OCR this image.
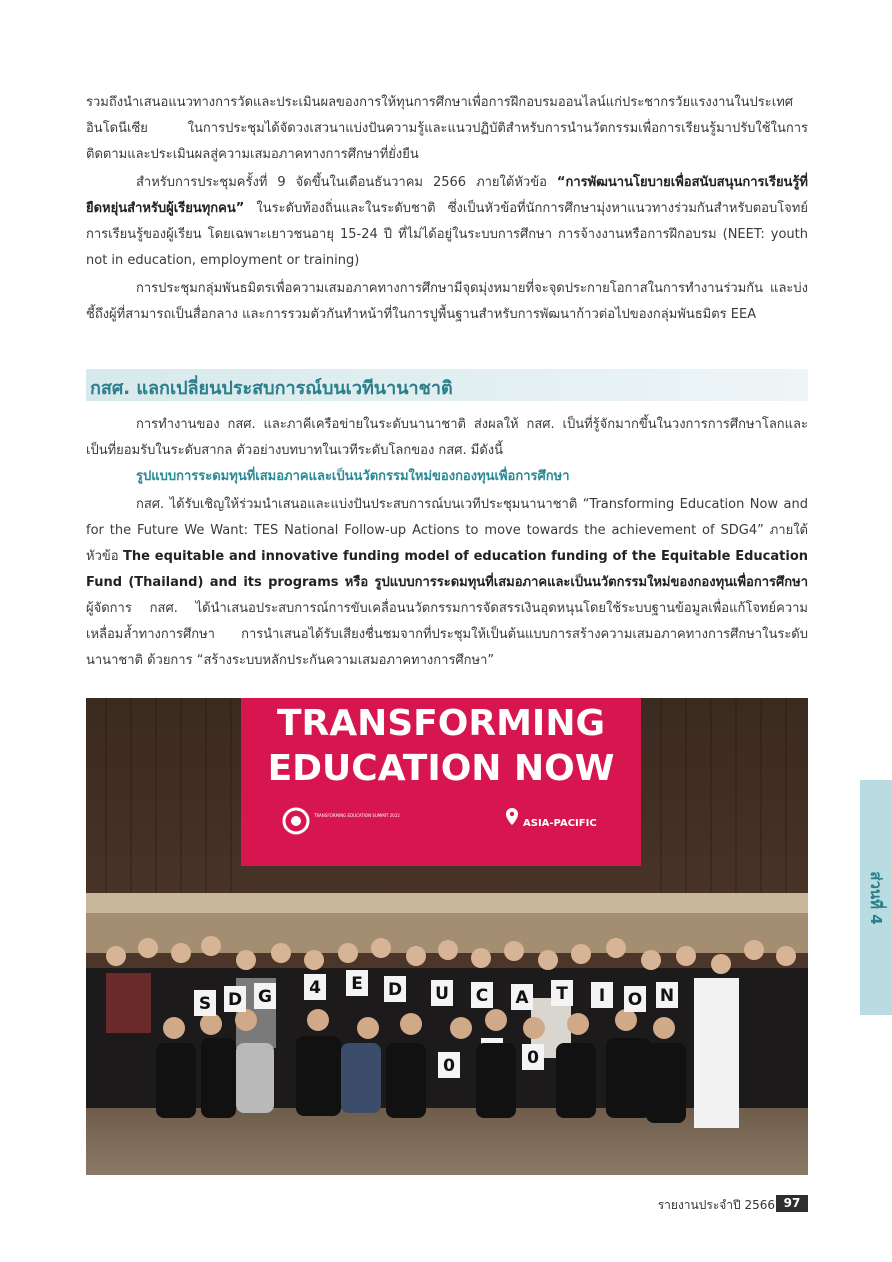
รวมถึงนำเสนอแนวทางการวัดและประเมินผลของการให้ทุนการศึกษาเพื่อการฝึกอบรมออนไลน์แก่ประชากรวัยแรงงานในประเทศอินโดนีเซีย ในการประชุมได้จัดวงเสวนาแบ่งปันความรู้และแนวปฏิบัติสำหรับการนำนวัตกรรมเพื่อการเรียนรู้มาปรับใช้ในการติดตามและประเมินผลสู่ความเสมอภาคทางการศึกษาที่ยั่งยืน

สำหรับการประชุมครั้งที่ 9 จัดขึ้นในเดือนธันวาคม 2566 ภายใต้หัวข้อ “การพัฒนานโยบายเพื่อสนับสนุนการเรียนรู้ที่ยืดหยุ่นสำหรับผู้เรียนทุกคน” ในระดับท้องถิ่นและในระดับชาติ ซึ่งเป็นหัวข้อที่นักการศึกษามุ่งหาแนวทางร่วมกันสำหรับตอบโจทย์การเรียนรู้ของผู้เรียน โดยเฉพาะเยาวชนอายุ 15-24 ปี ที่ไม่ได้อยู่ในระบบการศึกษา การจ้างงานหรือการฝึกอบรม (NEET: youth not in education, employment or training)

การประชุมกลุ่มพันธมิตรเพื่อความเสมอภาคทางการศึกษามีจุดมุ่งหมายที่จะจุดประกายโอกาสในการทำงานร่วมกัน และบ่งชี้ถึงผู้ที่สามารถเป็นสื่อกลาง และการรวมตัวกันทำหน้าที่ในการปูพื้นฐานสำหรับการพัฒนาก้าวต่อไปของกลุ่มพันธมิตร EEA

กสศ. แลกเปลี่ยนประสบการณ์บนเวทีนานาชาติ

การทำงานของ กสศ. และภาคีเครือข่ายในระดับนานาชาติ ส่งผลให้ กสศ. เป็นที่รู้จักมากขึ้นในวงการการศึกษาโลกและเป็นที่ยอมรับในระดับสากล ตัวอย่างบทบาทในเวทีระดับโลกของ กสศ. มีดังนี้

รูปแบบการระดมทุนที่เสมอภาคและเป็นนวัตกรรมใหม่ของกองทุนเพื่อการศึกษา

กสศ. ได้รับเชิญให้ร่วมนำเสนอและแบ่งปันประสบการณ์บนเวทีประชุมนานาชาติ “Transforming Education Now and for the Future We Want: TES National Follow-up Actions to move towards the achievement of SDG4” ภายใต้หัวข้อ The equitable and innovative funding model of education funding of the Equitable Education Fund (Thailand) and its programs หรือ รูปแบบการระดมทุนที่เสมอภาคและเป็นนวัตกรรมใหม่ของกองทุนเพื่อการศึกษา ผู้จัดการ กสศ. ได้นำเสนอประสบการณ์การขับเคลื่อนนวัตกรรมการจัดสรรเงินอุดหนุนโดยใช้ระบบฐานข้อมูลเพื่อแก้โจทย์ความเหลื่อมล้ำทางการศึกษา การนำเสนอได้รับเสียงชื่นชมจากที่ประชุมให้เป็นต้นแบบการสร้างความเสมอภาคทางการศึกษาในระดับนานาชาติ ด้วยการ “สร้างระบบหลักประกันความเสมอภาคทางการศึกษา”

TRANSFORMING
EDUCATION NOW
TRANSFORMING EDUCATION SUMMIT 2022
ASIA-PACIFIC
S D G 4 E D U C A T I O N
0	0
ส่วนที่ 4
รายงานประจำปี 2566 97
